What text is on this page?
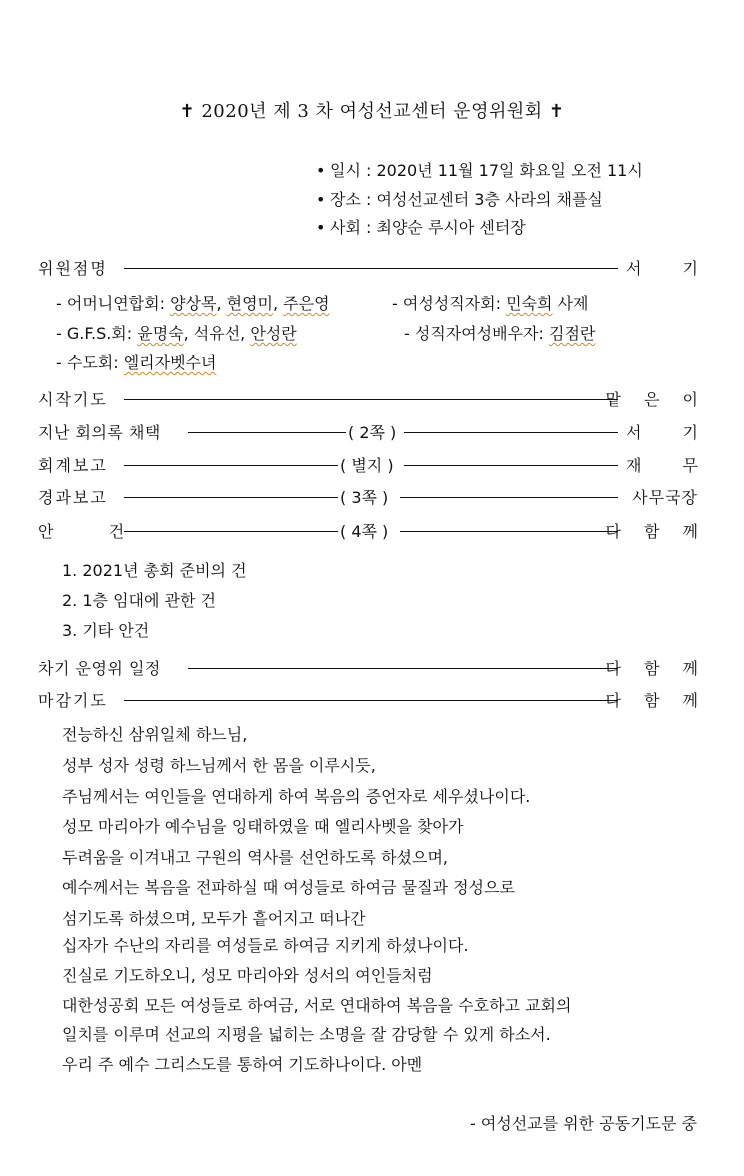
✝ 2020년 제 3 차 여성선교센터 운영위원회 ✝
• 일시 : 2020년 11월 17일 화요일 오전 11시
• 장소 : 여성선교센터 3층 사라의 채플실
• 사회 : 최양순 루시아 센터장
위원점명	서 기
- 어머니연합회: 양상목, 현영미, 주은영	- 여성성직자회: 민숙희 사제
- G.F.S.회: 윤명숙, 석유선, 안성란	- 성직자여성배우자: 김점란
- 수도회: 엘리자벳수녀
시작기도	맡 은 이
지난 회의록 채택	( 2쪽 )	서 기
회계보고	( 별지 )	재 무
경과보고	( 3쪽 )	사무국장
안   건	( 4쪽 )	다 함 께
1. 2021년 총회 준비의 건
2. 1층 임대에 관한 건
3. 기타 안건
차기 운영위 일정	다 함 께
마감기도	다 함 께
전능하신 삼위일체 하느님,
성부 성자 성령 하느님께서 한 몸을 이루시듯,
주님께서는 여인들을 연대하게 하여 복음의 증언자로 세우셨나이다.
성모 마리아가 예수님을 잉태하였을 때 엘리사벳을 찾아가
두려움을 이겨내고 구원의 역사를 선언하도록 하셨으며,
예수께서는 복음을 전파하실 때 여성들로 하여금 물질과 정성으로
섬기도록 하셨으며, 모두가 흩어지고 떠나간
십자가 수난의 자리를 여성들로 하여금 지키게 하셨나이다.
진실로 기도하오니, 성모 마리아와 성서의 여인들처럼
대한성공회 모든 여성들로 하여금, 서로 연대하여 복음을 수호하고 교회의
일치를 이루며 선교의 지평을 넓히는 소명을 잘 감당할 수 있게 하소서.
우리 주 예수 그리스도를 통하여 기도하나이다. 아멘
- 여성선교를 위한 공동기도문 중
